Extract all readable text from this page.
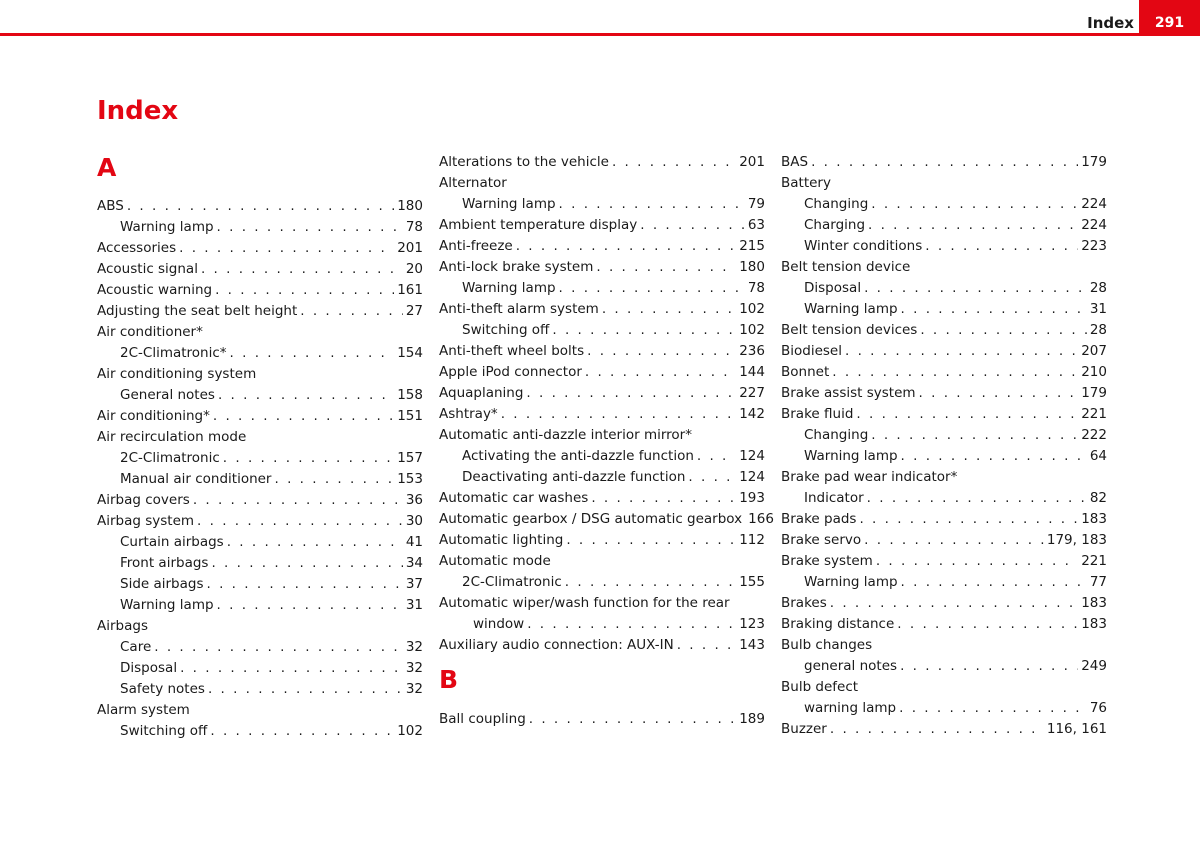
291
Index
Index
A
ABS . . .	180
Warning lamp . . .	78
Accessories . . .	201
Acoustic signal . . .	20
Acoustic warning . . .	161
Adjusting the seat belt height . . .	27
Air conditioner*
2C-Climatronic* . . .	154
Air conditioning system
General notes . . .	158
Air conditioning* . . .	151
Air recirculation mode
2C-Climatronic . . .	157
Manual air conditioner . . .	153
Airbag covers . . .	36
Airbag system . . .	30
Curtain airbags . . .	41
Front airbags . . .	34
Side airbags . . .	37
Warning lamp . . .	31
Airbags
Care . . .	32
Disposal . . .	32
Safety notes . . .	32
Alarm system
Switching off . . .	102
Alterations to the vehicle . . .	201
Alternator
Warning lamp . . .	79
Ambient temperature display . . .	63
Anti-freeze . . .	215
Anti-lock brake system . . .	180
Warning lamp . . .	78
Anti-theft alarm system . . .	102
Switching off . . .	102
Anti-theft wheel bolts . . .	236
Apple iPod connector . . .	144
Aquaplaning . . .	227
Ashtray* . . .	142
Automatic anti-dazzle interior mirror*
Activating the anti-dazzle function . . .	124
Deactivating anti-dazzle function . . .	124
Automatic car washes . . .	193
Automatic gearbox / DSG automatic gearbox 166
Automatic lighting . . .	112
Automatic mode
2C-Climatronic . . .	155
Automatic wiper/wash function for the rear
window . . .	123
Auxiliary audio connection: AUX-IN . . .	143
B
Ball coupling . . .	189
BAS . . .	179
Battery
Changing . . .	224
Charging . . .	224
Winter conditions . . .	223
Belt tension device
Disposal . . .	28
Warning lamp . . .	31
Belt tension devices . . .	28
Biodiesel . . .	207
Bonnet . . .	210
Brake assist system . . .	179
Brake fluid . . .	221
Changing . . .	222
Warning lamp . . .	64
Brake pad wear indicator*
Indicator . . .	82
Brake pads . . .	183
Brake servo . . .	179, 183
Brake system . . .	221
Warning lamp . . .	77
Brakes . . .	183
Braking distance . . .	183
Bulb changes
general notes . . .	249
Bulb defect
warning lamp . . .	76
Buzzer . . .	116, 161
